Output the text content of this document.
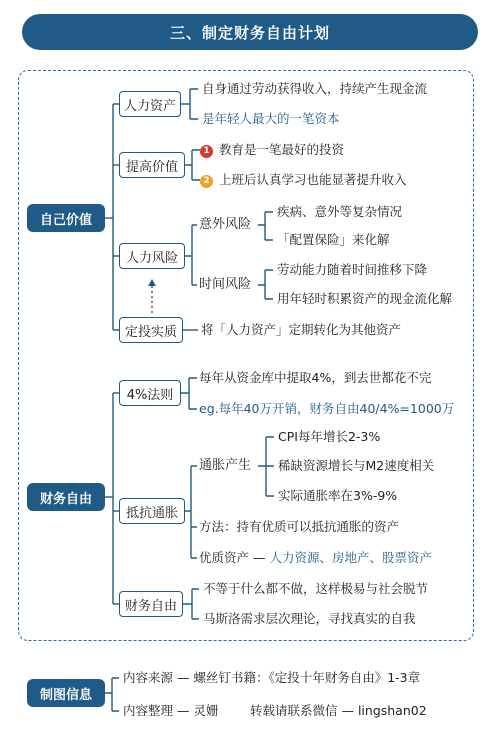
三、制定财务自由计划
自己价值
人力资产
自身通过劳动获得收入，持续产生现金流
是年轻人最大的一笔资本
提高价值
1 教育是一笔最好的投资
2 上班后认真学习也能显著提升收入
人力风险
意外风险
疾病、意外等复杂情况
「配置保险」来化解
时间风险
劳动能力随着时间推移下降
用年轻时积累资产的现金流化解
定投实质	将「人力资产」定期转化为其他资产
财务自由
4%法则
每年从资金库中提取4%，到去世都花不完
eg.每年40万开销，财务自由40/4%=1000万
抵抗通胀
通胀产生
CPI每年增长2-3%
稀缺资源增长与M2速度相关
实际通胀率在3%-9%
方法：持有优质可以抵抗通胀的资产
优质资产 — 人力资源、房地产、股票资产
财务自由
不等于什么都不做，这样极易与社会脱节
马斯洛需求层次理论，寻找真实的自我
制图信息
内容来源 — 螺丝钉书籍：《定投十年财务自由》1-3章
内容整理 — 灵姗	转载请联系微信 — lingshan02
